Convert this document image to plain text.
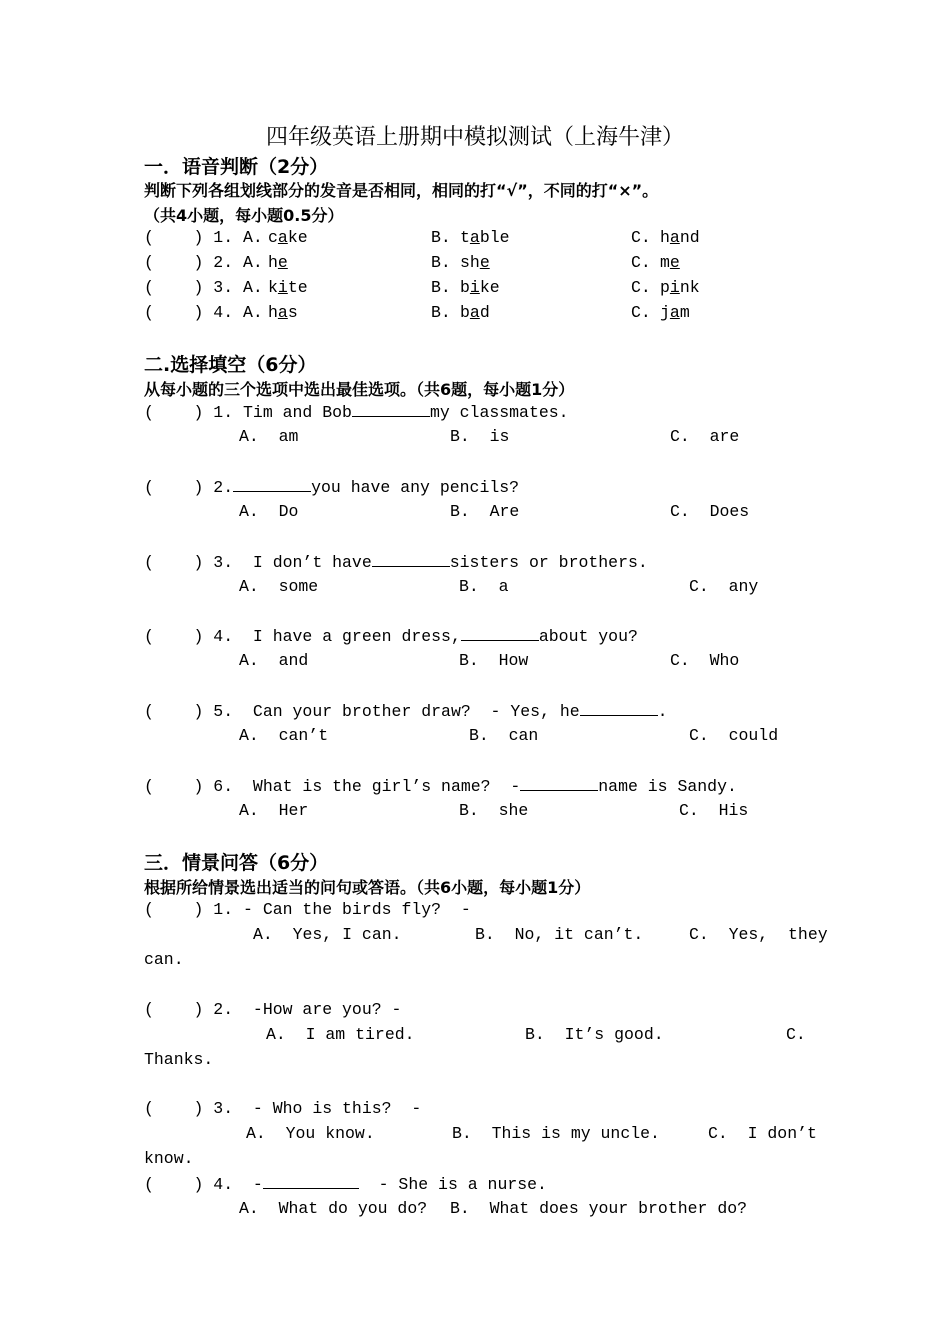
四年级英语上册期中模拟测试（上海牛津）
一．语音判断（2分）
判断下列各组划线部分的发音是否相同，相同的打“√”，不同的打“×”。
（共4小题，每小题0.5分）
(    ) 1. A. cake	B. table	C. hand
(    ) 2. A. he	B. she	C. me
(    ) 3. A. kite	B. bike	C. pink
(    ) 4. A. has	B. bad	C. jam
二.选择填空（6分）
从每小题的三个选项中选出最佳选项。（共6题，每小题1分）
(    ) 1. Tim and Bob	my classmates.
A.  am	B.  is	C.  are
(    ) 2.	you have any pencils?
A.  Do	B.  Are	C.  Does
(    ) 3.  I don’t have	sisters or brothers.
A.  some	B.  a	C.  any
(    ) 4.  I have a green dress,	about you?
A.  and	B.  How	C.  Who
(    ) 5.  Can your brother draw?  - Yes, he	.
A.  can’t	B.  can	C.  could
(    ) 6.  What is the girl’s name?  -	name is Sandy.
A.  Her	B.  she	C.  His
三．情景问答（6分）
根据所给情景选出适当的问句或答语。（共6小题，每小题1分）
(    ) 1. - Can the birds fly?  -
A.  Yes, I can.	B.  No, it can’t.	C.  Yes,  they
can.
(    ) 2.  -How are you? -
A.  I am tired.	B.  It’s good.	C.
Thanks.
(    ) 3.  - Who is this?  -
A.  You know.	B.  This is my uncle.	C.  I don’t
know.
(    ) 4.  -	- She is a nurse.
A.  What do you do? B.  What does your brother do?
